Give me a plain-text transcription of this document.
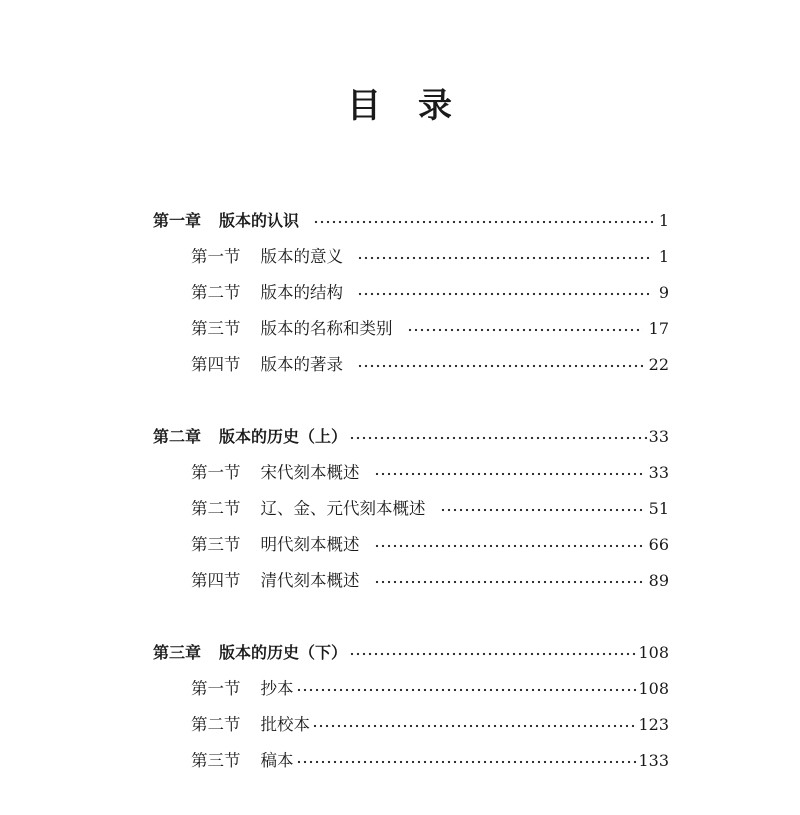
目 录
第一章 版本的认识	1
第一节 版本的意义	1
第二节 版本的结构	9
第三节 版本的名称和类别	17
第四节 版本的著录	22
第二章 版本的历史（上）	33
第一节 宋代刻本概述	33
第二节 辽、金、元代刻本概述	51
第三节 明代刻本概述	66
第四节 清代刻本概述	89
第三章 版本的历史（下）	108
第一节 抄本	108
第二节 批校本	123
第三节 稿本	133
